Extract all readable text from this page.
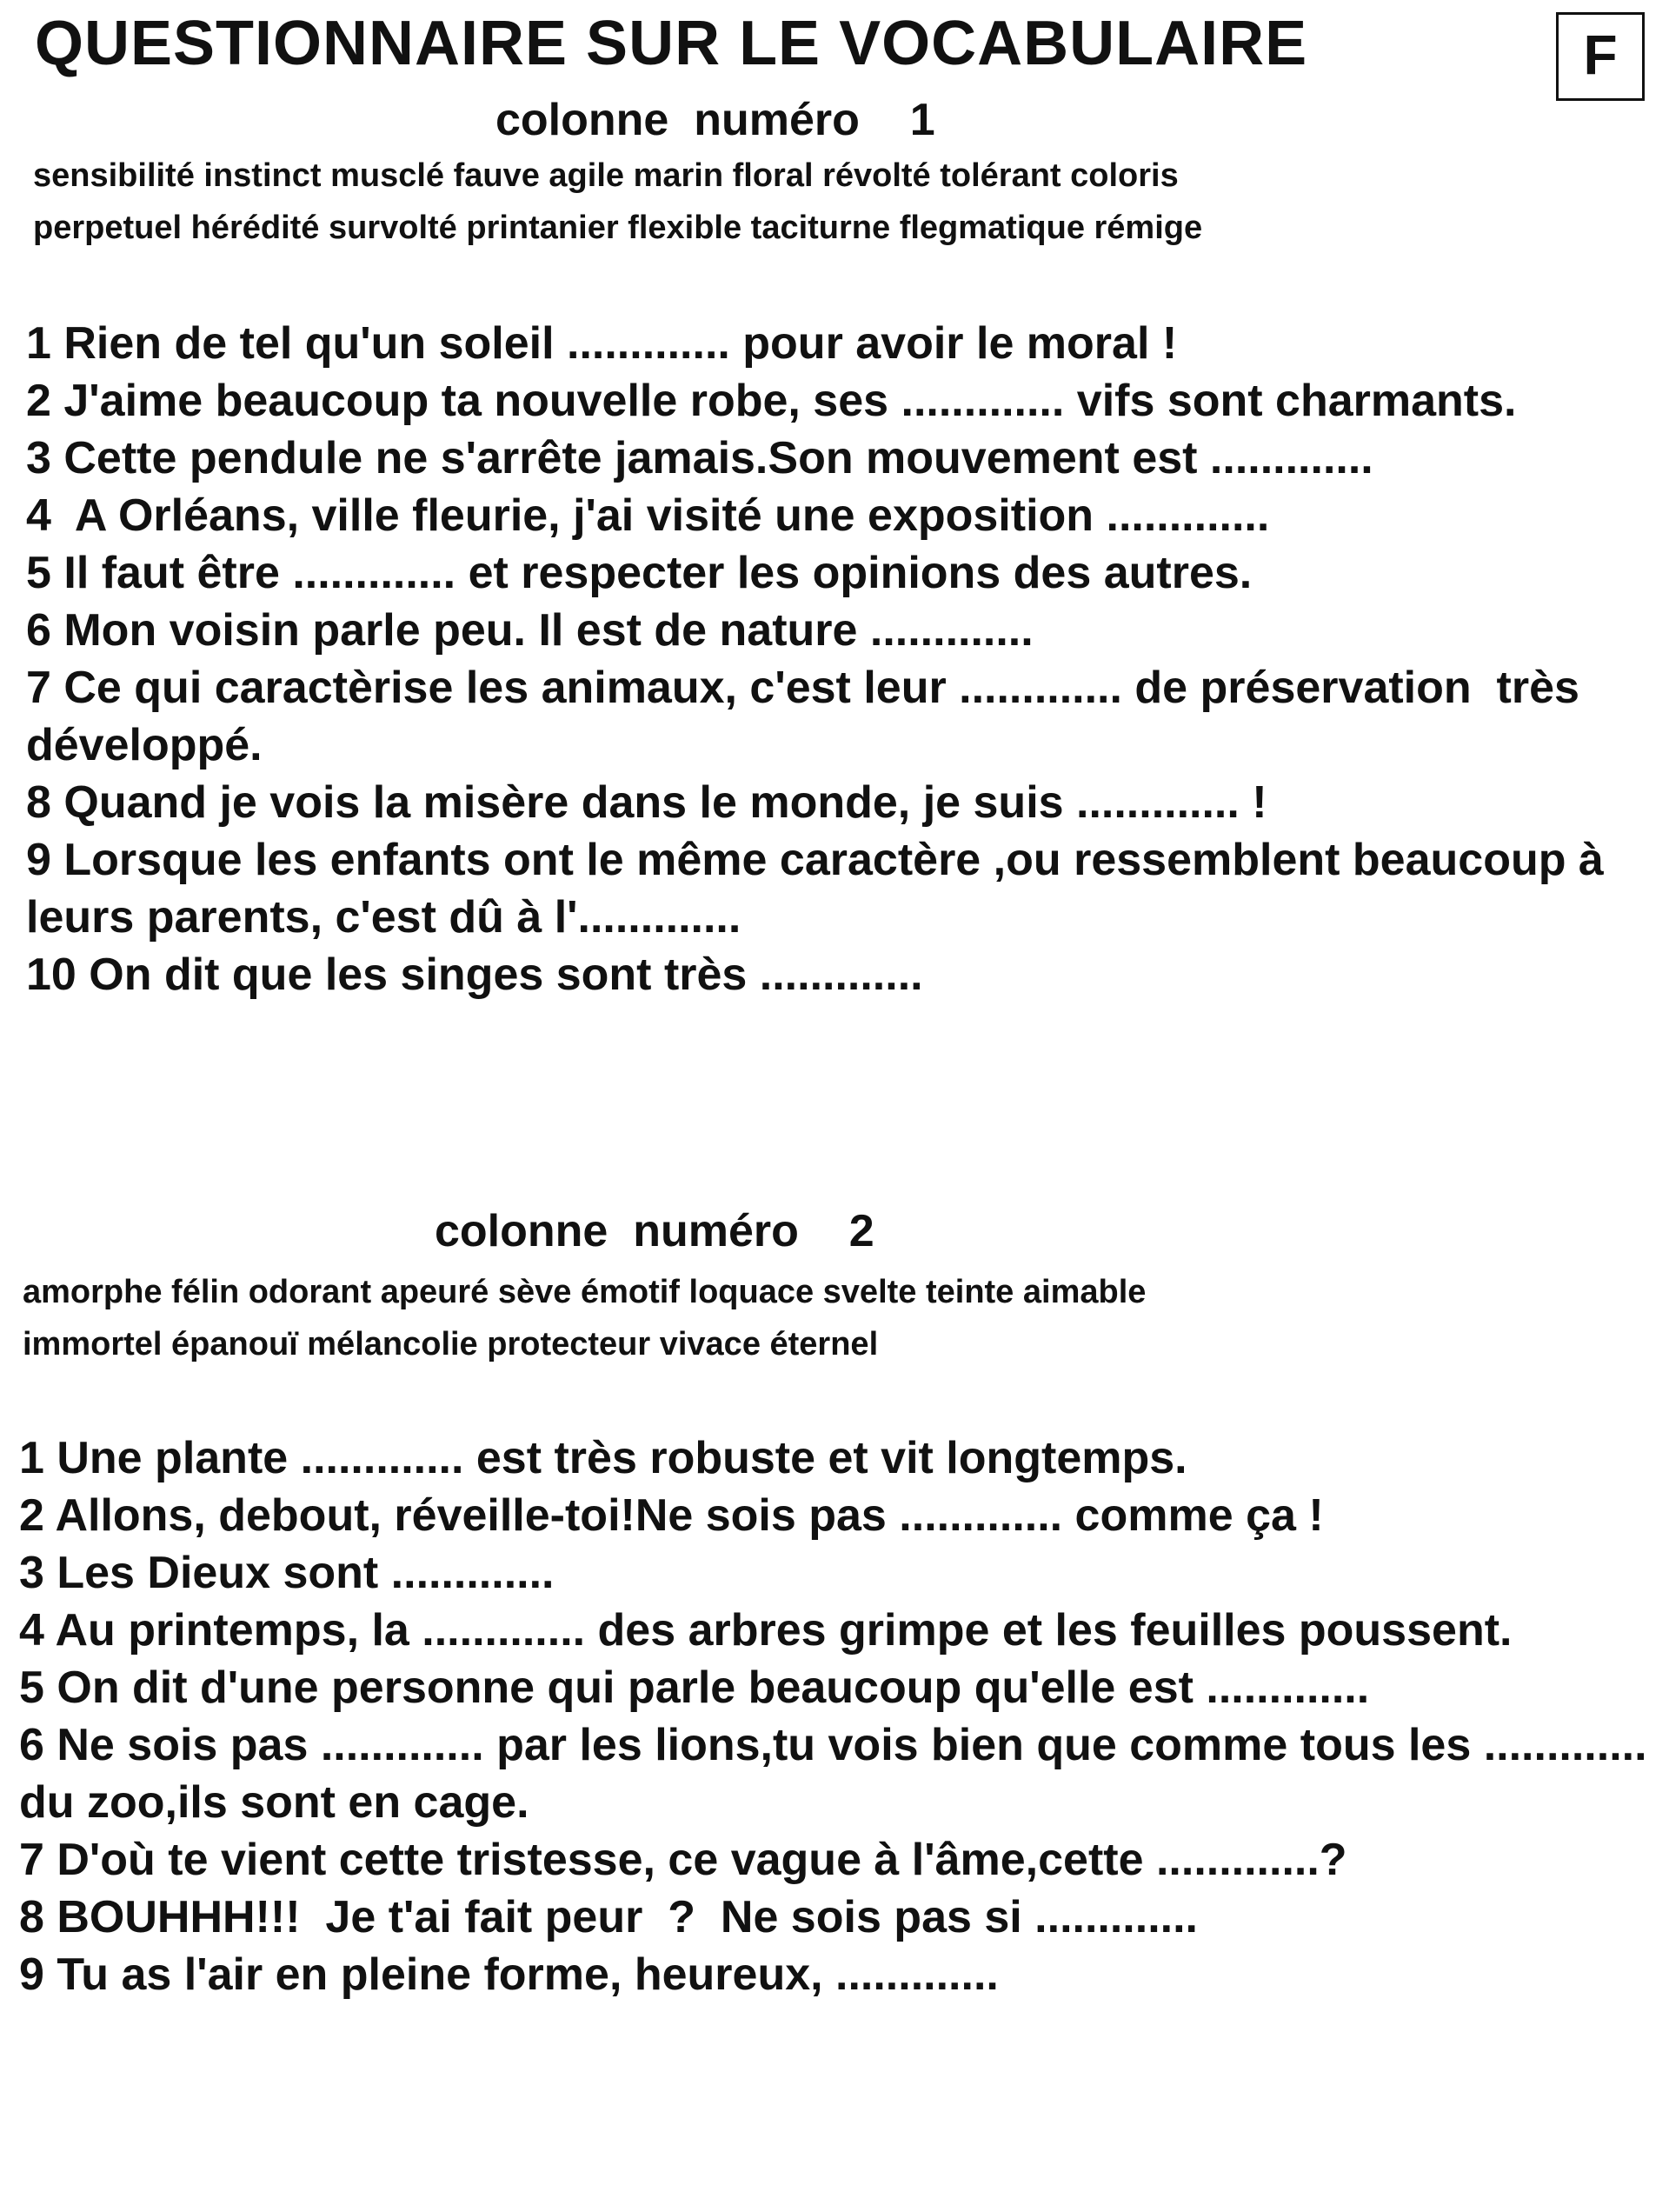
QUESTIONNAIRE SUR LE VOCABULAIRE	F
colonne  numéro    1
sensibilité instinct musclé fauve agile marin floral révolté tolérant coloris
perpetuel hérédité survolté printanier flexible taciturne flegmatique rémige
1 Rien de tel qu'un soleil ............. pour avoir le moral !
2 J'aime beaucoup ta nouvelle robe, ses ............. vifs sont charmants.
3 Cette pendule ne s'arrête jamais.Son mouvement est .............
4  A Orléans, ville fleurie, j'ai visité une exposition .............
5 Il faut être ............. et respecter les opinions des autres.
6 Mon voisin parle peu. Il est de nature .............
7 Ce qui caractèrise les animaux, c'est leur ............. de préservation  très développé.
8 Quand je vois la misère dans le monde, je suis ............. !
9 Lorsque les enfants ont le même caractère ,ou ressemblent beaucoup à leurs parents, c'est dû à l'.............
10 On dit que les singes sont très .............
colonne  numéro    2
amorphe félin odorant apeuré sève émotif loquace svelte teinte aimable
immortel épanouï mélancolie protecteur vivace éternel
1 Une plante ............. est très robuste et vit longtemps.
2 Allons, debout, réveille-toi!Ne sois pas ............. comme ça !
3 Les Dieux sont .............
4 Au printemps, la ............. des arbres grimpe et les feuilles poussent.
5 On dit d'une personne qui parle beaucoup qu'elle est .............
6 Ne sois pas ............. par les lions,tu vois bien que comme tous les ............. du zoo,ils sont en cage.
7 D'où te vient cette tristesse, ce vague à l'âme,cette .............?
8 BOUHHH!!!  Je t'ai fait peur  ?  Ne sois pas si .............
9 Tu as l'air en pleine forme, heureux, .............
